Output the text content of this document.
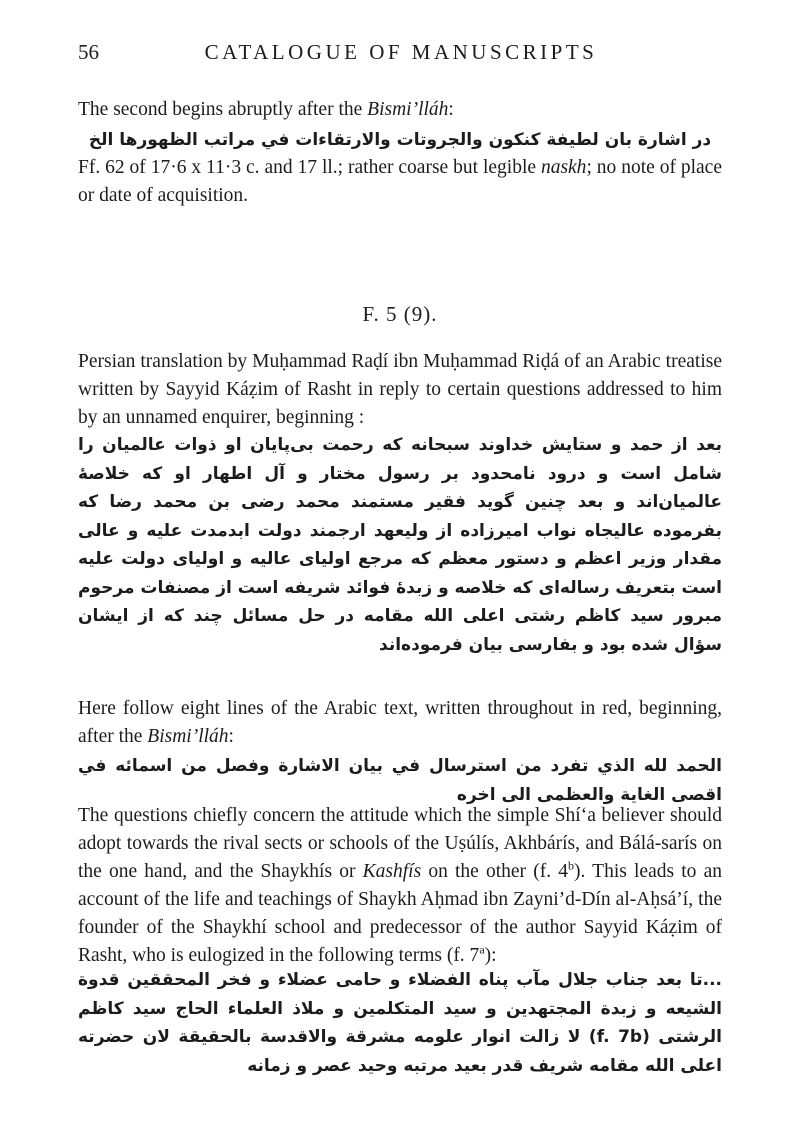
56	CATALOGUE OF MANUSCRIPTS

The second begins abruptly after the Bismi’lláh:

در اشارة بان لطيفة كنكون والجروتات والارتقاءات في مراتب الظهورها الخ

Ff. 62 of 17·6 x 11·3 c. and 17 ll.; rather coarse but legible naskh; no note of place or date of acquisition.

F. 5 (9).

Persian translation by Muḥammad Raḍí ibn Muḥammad Riḍá of an Arabic treatise written by Sayyid Káẓim of Rasht in reply to certain questions addressed to him by an unnamed enquirer, beginning :

بعد از حمد و ستایش خداوند سبحانه که رحمت بی‌پایان او ذوات عالمیان را شامل است و درود نامحدود بر رسول مختار و آل اطهار او که خلاصهٔ عالمیان‌اند و بعد چنین گوید فقیر مستمند محمد رضی بن محمد رضا که بفرموده عالیجاه نواب امیرزاده از ولیعهد ارجمند دولت ابدمدت علیه و عالی مقدار وزیر اعظم و دستور معظم که مرجع اولیای عالیه و اولیای دولت علیه است بتعریف رساله‌ای که خلاصه و زبدهٔ فوائد شریفه است از مصنفات مرحوم مبرور سید کاظم رشتی اعلی الله مقامه در حل مسائل چند که از ایشان سؤال شده بود و بفارسی بیان فرموده‌اند

Here follow eight lines of the Arabic text, written throughout in red, beginning, after the Bismi’lláh:

الحمد لله الذي تفرد من استرسال في بيان الاشارة وفصل من اسمائه في اقصى الغاية والعظمى الى اخره

The questions chiefly concern the attitude which the simple Shí‘a believer should adopt towards the rival sects or schools of the Uṣúlís, Akhbárís, and Bálá-sarís on the one hand, and the Shaykhís or Kashfís on the other (f. 4$^b$). This leads to an account of the life and teachings of Shaykh Aḥmad ibn Zayni’d-Dín al-Aḥsá’í, the founder of the Shaykhí school and predecessor of the author Sayyid Káẓim of Rasht, who is eulogized in the following terms (f. 7$^a$):

...تا بعد جناب جلال مآب پناه الفضلاء و حامی عضلاء و فخر المحققین قدوة الشیعه و زبدة المجتهدین و سید المتکلمین و ملاذ العلماء الحاج سید کاظم الرشتی (f. 7b) لا زالت انوار علومه مشرقة والاقدسة بالحقیقة لان حضرته اعلی الله مقامه شریف قدر بعید مرتبه وحید عصر و زمانه
